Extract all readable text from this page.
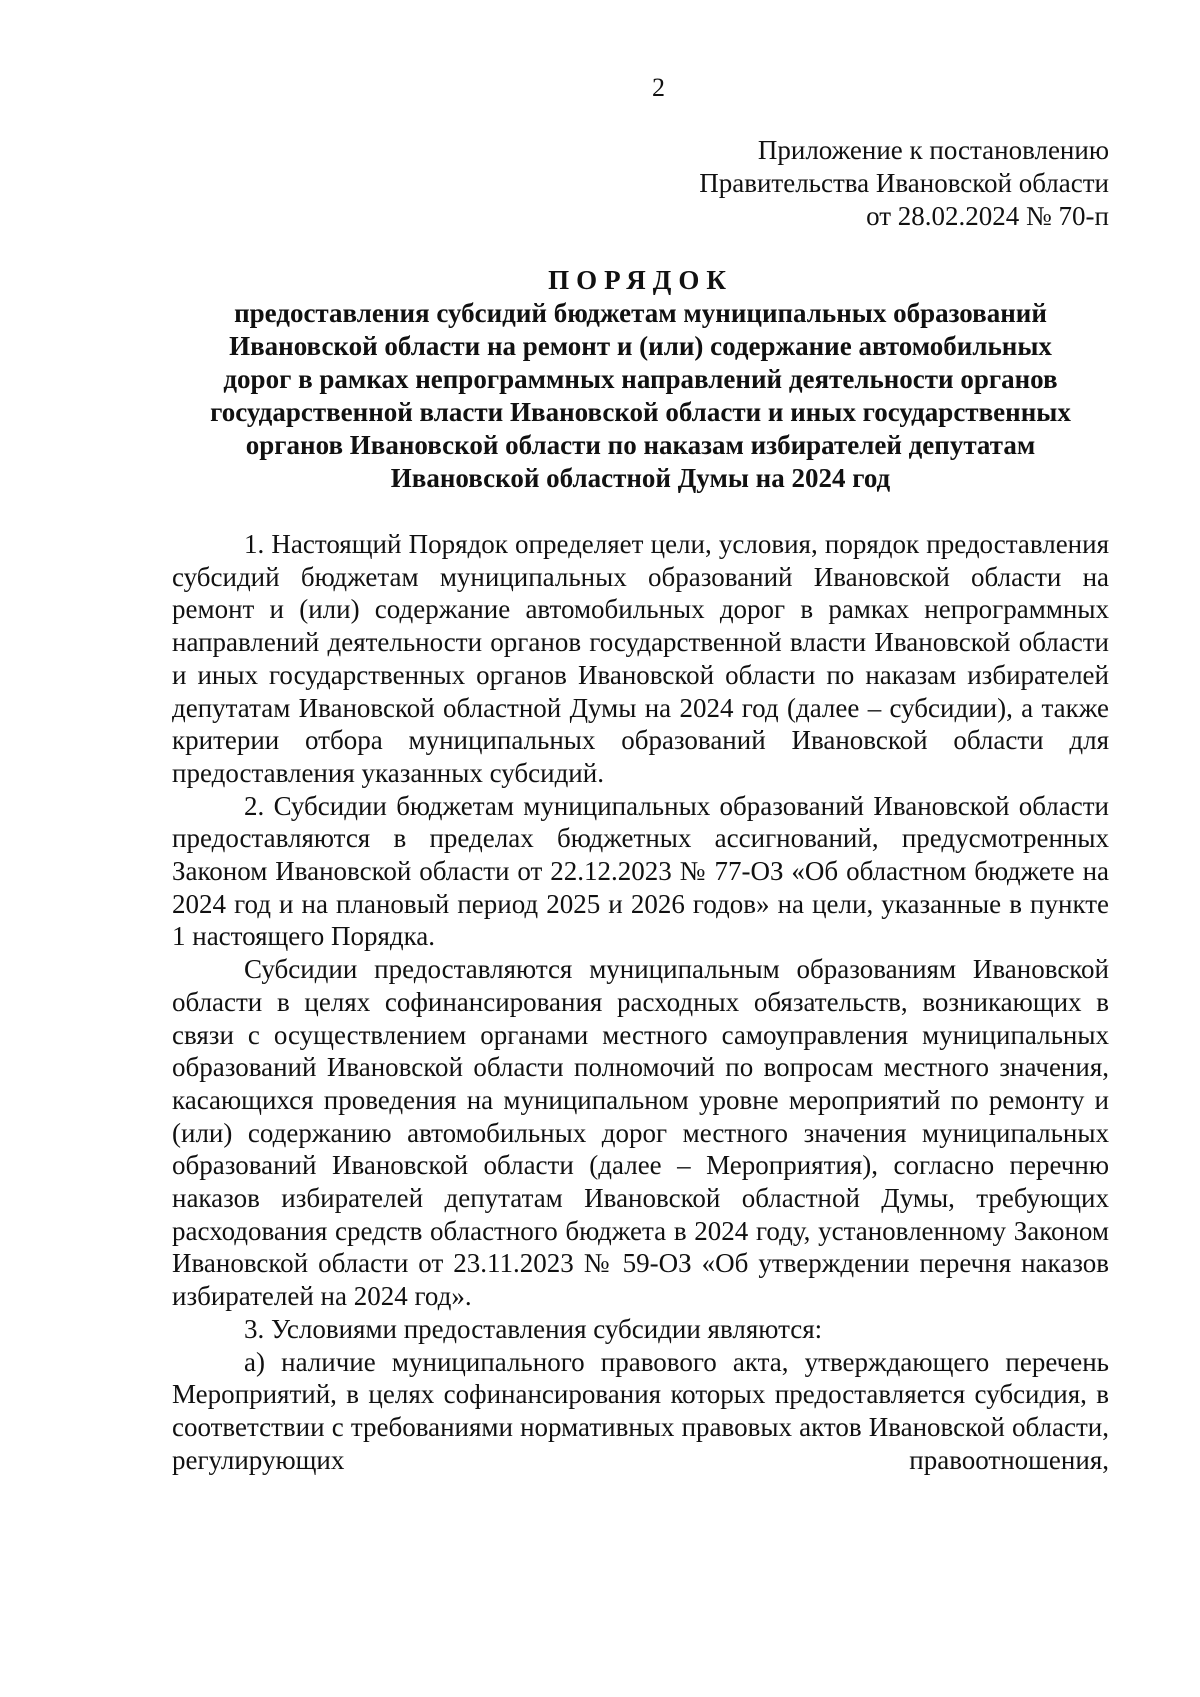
2
Приложение к постановлению
Правительства Ивановской области
от 28.02.2024 № 70-п
ПОРЯДОК
предоставления субсидий бюджетам муниципальных образований
Ивановской области на ремонт и (или) содержание автомобильных
дорог в рамках непрограммных направлений деятельности органов
государственной власти Ивановской области и иных государственных
органов Ивановской области по наказам избирателей депутатам
Ивановской областной Думы на 2024 год

1. Настоящий Порядок определяет цели, условия, порядок предоставления субсидий бюджетам муниципальных образований Ивановской области на ремонт и (или) содержание автомобильных дорог в рамках непрограммных направлений деятельности органов государственной власти Ивановской области и иных государственных органов Ивановской области по наказам избирателей депутатам Ивановской областной Думы на 2024 год (далее – субсидии), а также критерии отбора муниципальных образований Ивановской области для предоставления указанных субсидий.

2. Субсидии бюджетам муниципальных образований Ивановской области предоставляются в пределах бюджетных ассигнований, предусмотренных Законом Ивановской области от 22.12.2023 № 77-ОЗ «Об областном бюджете на 2024 год и на плановый период 2025 и 2026 годов» на цели, указанные в пункте 1 настоящего Порядка.

Субсидии предоставляются муниципальным образованиям Ивановской области в целях софинансирования расходных обязательств, возникающих в связи с осуществлением органами местного самоуправления муниципальных образований Ивановской области полномочий по вопросам местного значения, касающихся проведения на муниципальном уровне мероприятий по ремонту и (или) содержанию автомобильных дорог местного значения муниципальных образований Ивановской области (далее – Мероприятия), согласно перечню наказов избирателей депутатам Ивановской областной Думы, требующих расходования средств областного бюджета в 2024 году, установленному Законом Ивановской области от 23.11.2023 № 59-ОЗ «Об утверждении перечня наказов избирателей на 2024 год».

3. Условиями предоставления субсидии являются:

а) наличие муниципального правового акта, утверждающего перечень Мероприятий, в целях софинансирования которых предоставляется субсидия, в соответствии с требованиями нормативных правовых актов Ивановской области, регулирующих правоотношения,
